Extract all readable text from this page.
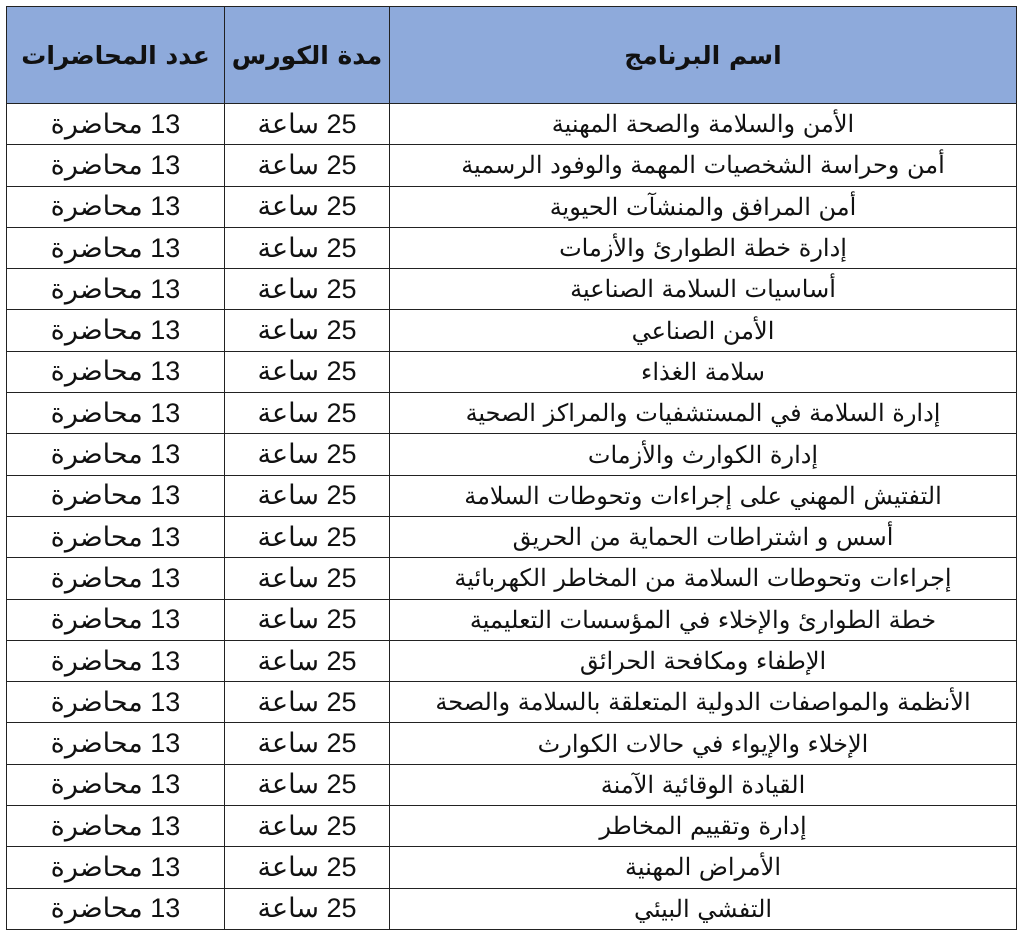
اسم البرنامج	مدة الكورس	عدد المحاضرات
الأمن والسلامة والصحة المهنية	25 ساعة	13 محاضرة
أمن وحراسة الشخصيات المهمة والوفود الرسمية	25 ساعة	13 محاضرة
أمن المرافق والمنشآت الحيوية	25 ساعة	13 محاضرة
إدارة خطة الطوارئ والأزمات	25 ساعة	13 محاضرة
أساسيات السلامة الصناعية	25 ساعة	13 محاضرة
الأمن الصناعي	25 ساعة	13 محاضرة
سلامة الغذاء	25 ساعة	13 محاضرة
إدارة السلامة في المستشفيات والمراكز الصحية	25 ساعة	13 محاضرة
إدارة الكوارث والأزمات	25 ساعة	13 محاضرة
التفتيش المهني على إجراءات وتحوطات السلامة	25 ساعة	13 محاضرة
أسس و اشتراطات الحماية من الحريق	25 ساعة	13 محاضرة
إجراءات وتحوطات السلامة من المخاطر الكهربائية	25 ساعة	13 محاضرة
خطة الطوارئ والإخلاء في المؤسسات التعليمية	25 ساعة	13 محاضرة
الإطفاء ومكافحة الحرائق	25 ساعة	13 محاضرة
الأنظمة والمواصفات الدولية المتعلقة بالسلامة والصحة	25 ساعة	13 محاضرة
الإخلاء والإيواء في حالات الكوارث	25 ساعة	13 محاضرة
القيادة الوقائية الآمنة	25 ساعة	13 محاضرة
إدارة وتقييم المخاطر	25 ساعة	13 محاضرة
الأمراض المهنية	25 ساعة	13 محاضرة
التفشي البيئي	25 ساعة	13 محاضرة
